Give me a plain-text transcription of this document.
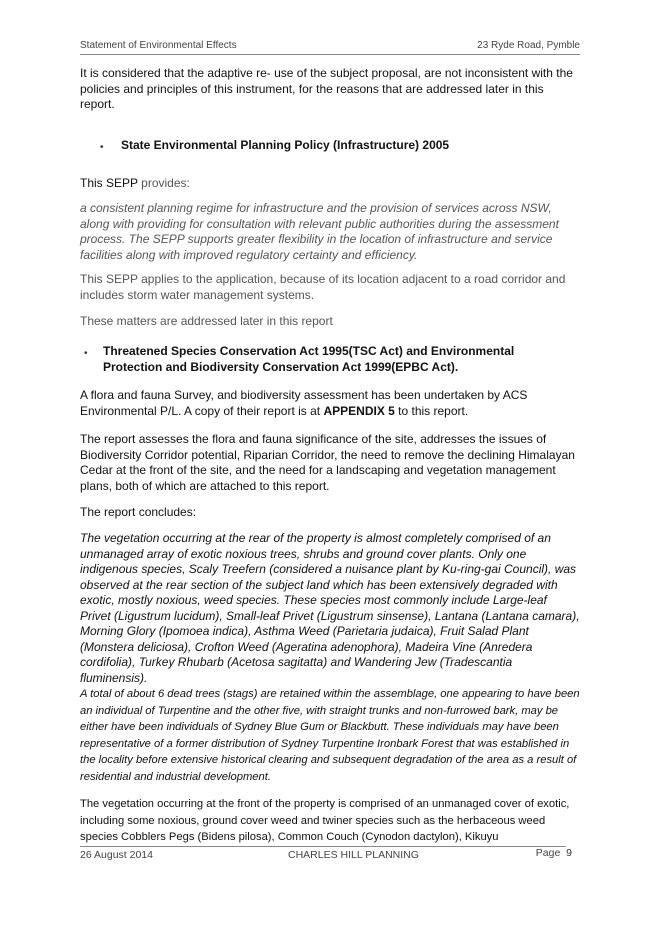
Statement of Environmental Effects	23 Ryde Road, Pymble

It is considered that the adaptive re- use of the subject proposal, are not inconsistent with the policies and principles of this instrument, for the reasons that are addressed later in this report.

• State Environmental Planning Policy (Infrastructure) 2005

This SEPP provides:

a consistent planning regime for infrastructure and the provision of services across NSW, along with providing for consultation with relevant public authorities during the assessment process. The SEPP supports greater flexibility in the location of infrastructure and service facilities along with improved regulatory certainty and efficiency.

This SEPP applies to the application, because of its location adjacent to a road corridor and includes storm water management systems.

These matters are addressed later in this report

• Threatened Species Conservation Act 1995(TSC Act) and Environmental Protection and Biodiversity Conservation Act 1999(EPBC Act).

A flora and fauna Survey, and biodiversity assessment has been undertaken by ACS Environmental P/L. A copy of their report is at APPENDIX 5 to this report.

The report assesses the flora and fauna significance of the site, addresses the issues of Biodiversity Corridor potential, Riparian Corridor, the need to remove the declining Himalayan Cedar at the front of the site, and the need for a landscaping and vegetation management plans, both of which are attached to this report.

The report concludes:

The vegetation occurring at the rear of the property is almost completely comprised of an unmanaged array of exotic noxious trees, shrubs and ground cover plants. Only one indigenous species, Scaly Treefern (considered a nuisance plant by Ku-ring-gai Council), was observed at the rear section of the subject land which has been extensively degraded with exotic, mostly noxious, weed species. These species most commonly include Large-leaf Privet (Ligustrum lucidum), Small-leaf Privet (Ligustrum sinsense), Lantana (Lantana camara), Morning Glory (Ipomoea indica), Asthma Weed (Parietaria judaica), Fruit Salad Plant (Monstera deliciosa), Crofton Weed (Ageratina adenophora), Madeira Vine (Anredera cordifolia), Turkey Rhubarb (Acetosa sagitatta) and Wandering Jew (Tradescantia fluminensis).

A total of about 6 dead trees (stags) are retained within the assemblage, one appearing to have been an individual of Turpentine and the other five, with straight trunks and non-furrowed bark, may be either have been individuals of Sydney Blue Gum or Blackbutt. These individuals may have been representative of a former distribution of Sydney Turpentine Ironbark Forest that was established in the locality before extensive historical clearing and subsequent degradation of the area as a result of residential and industrial development.

The vegetation occurring at the front of the property is comprised of an unmanaged cover of exotic, including some noxious, ground cover weed and twiner species such as the herbaceous weed species Cobblers Pegs (Bidens pilosa), Common Couch (Cynodon dactylon), Kikuyu

26 August 2014	CHARLES HILL PLANNING	Page 9
